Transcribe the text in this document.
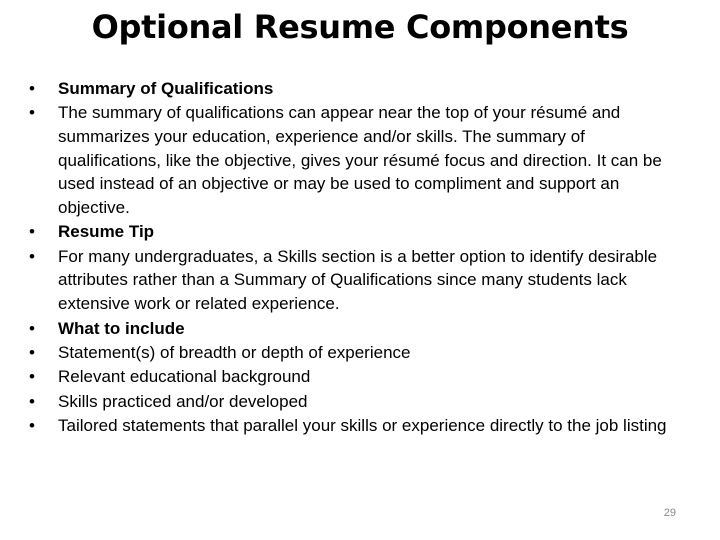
Optional Resume Components
•	Summary of Qualifications
•	The summary of qualifications can appear near the top of your résumé and summarizes your education, experience and/or skills. The summary of qualifications, like the objective, gives your résumé focus and direction. It can be used instead of an objective or may be used to compliment and support an objective.
•	Resume Tip
•	For many undergraduates, a Skills section is a better option to identify desirable attributes rather than a Summary of Qualifications since many students lack extensive work or related experience.
•	What to include
•	Statement(s) of breadth or depth of experience
•	Relevant educational background
•	Skills practiced and/or developed
•	Tailored statements that parallel your skills or experience directly to the job listing
29
